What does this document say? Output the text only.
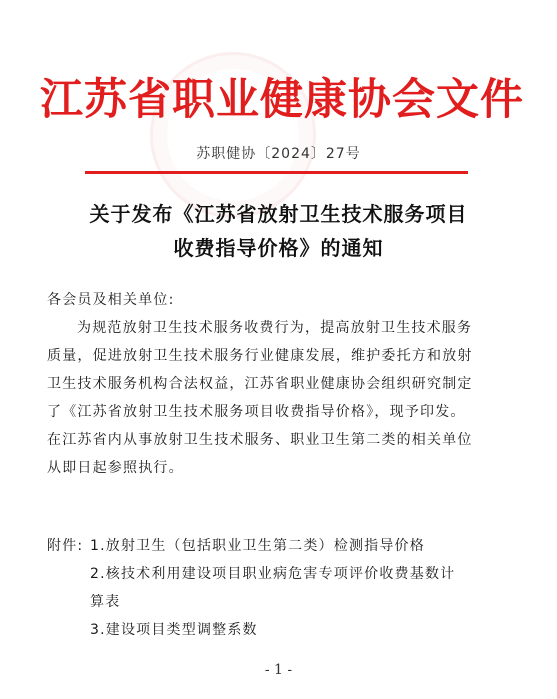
江苏省职业健康协会文件
苏职健协〔2024〕27号
关于发布《江苏省放射卫生技术服务项目
收费指导价格》的通知
各会员及相关单位:
为规范放射卫生技术服务收费行为，提高放射卫生技术服务
质量，促进放射卫生技术服务行业健康发展，维护委托方和放射
卫生技术服务机构合法权益，江苏省职业健康协会组织研究制定
了《江苏省放射卫生技术服务项目收费指导价格》，现予印发。
在江苏省内从事放射卫生技术服务、职业卫生第二类的相关单位
从即日起参照执行。
附件: 1.放射卫生（包括职业卫生第二类）检测指导价格
2.核技术利用建设项目职业病危害专项评价收费基数计
算表
3.建设项目类型调整系数
- 1 -
